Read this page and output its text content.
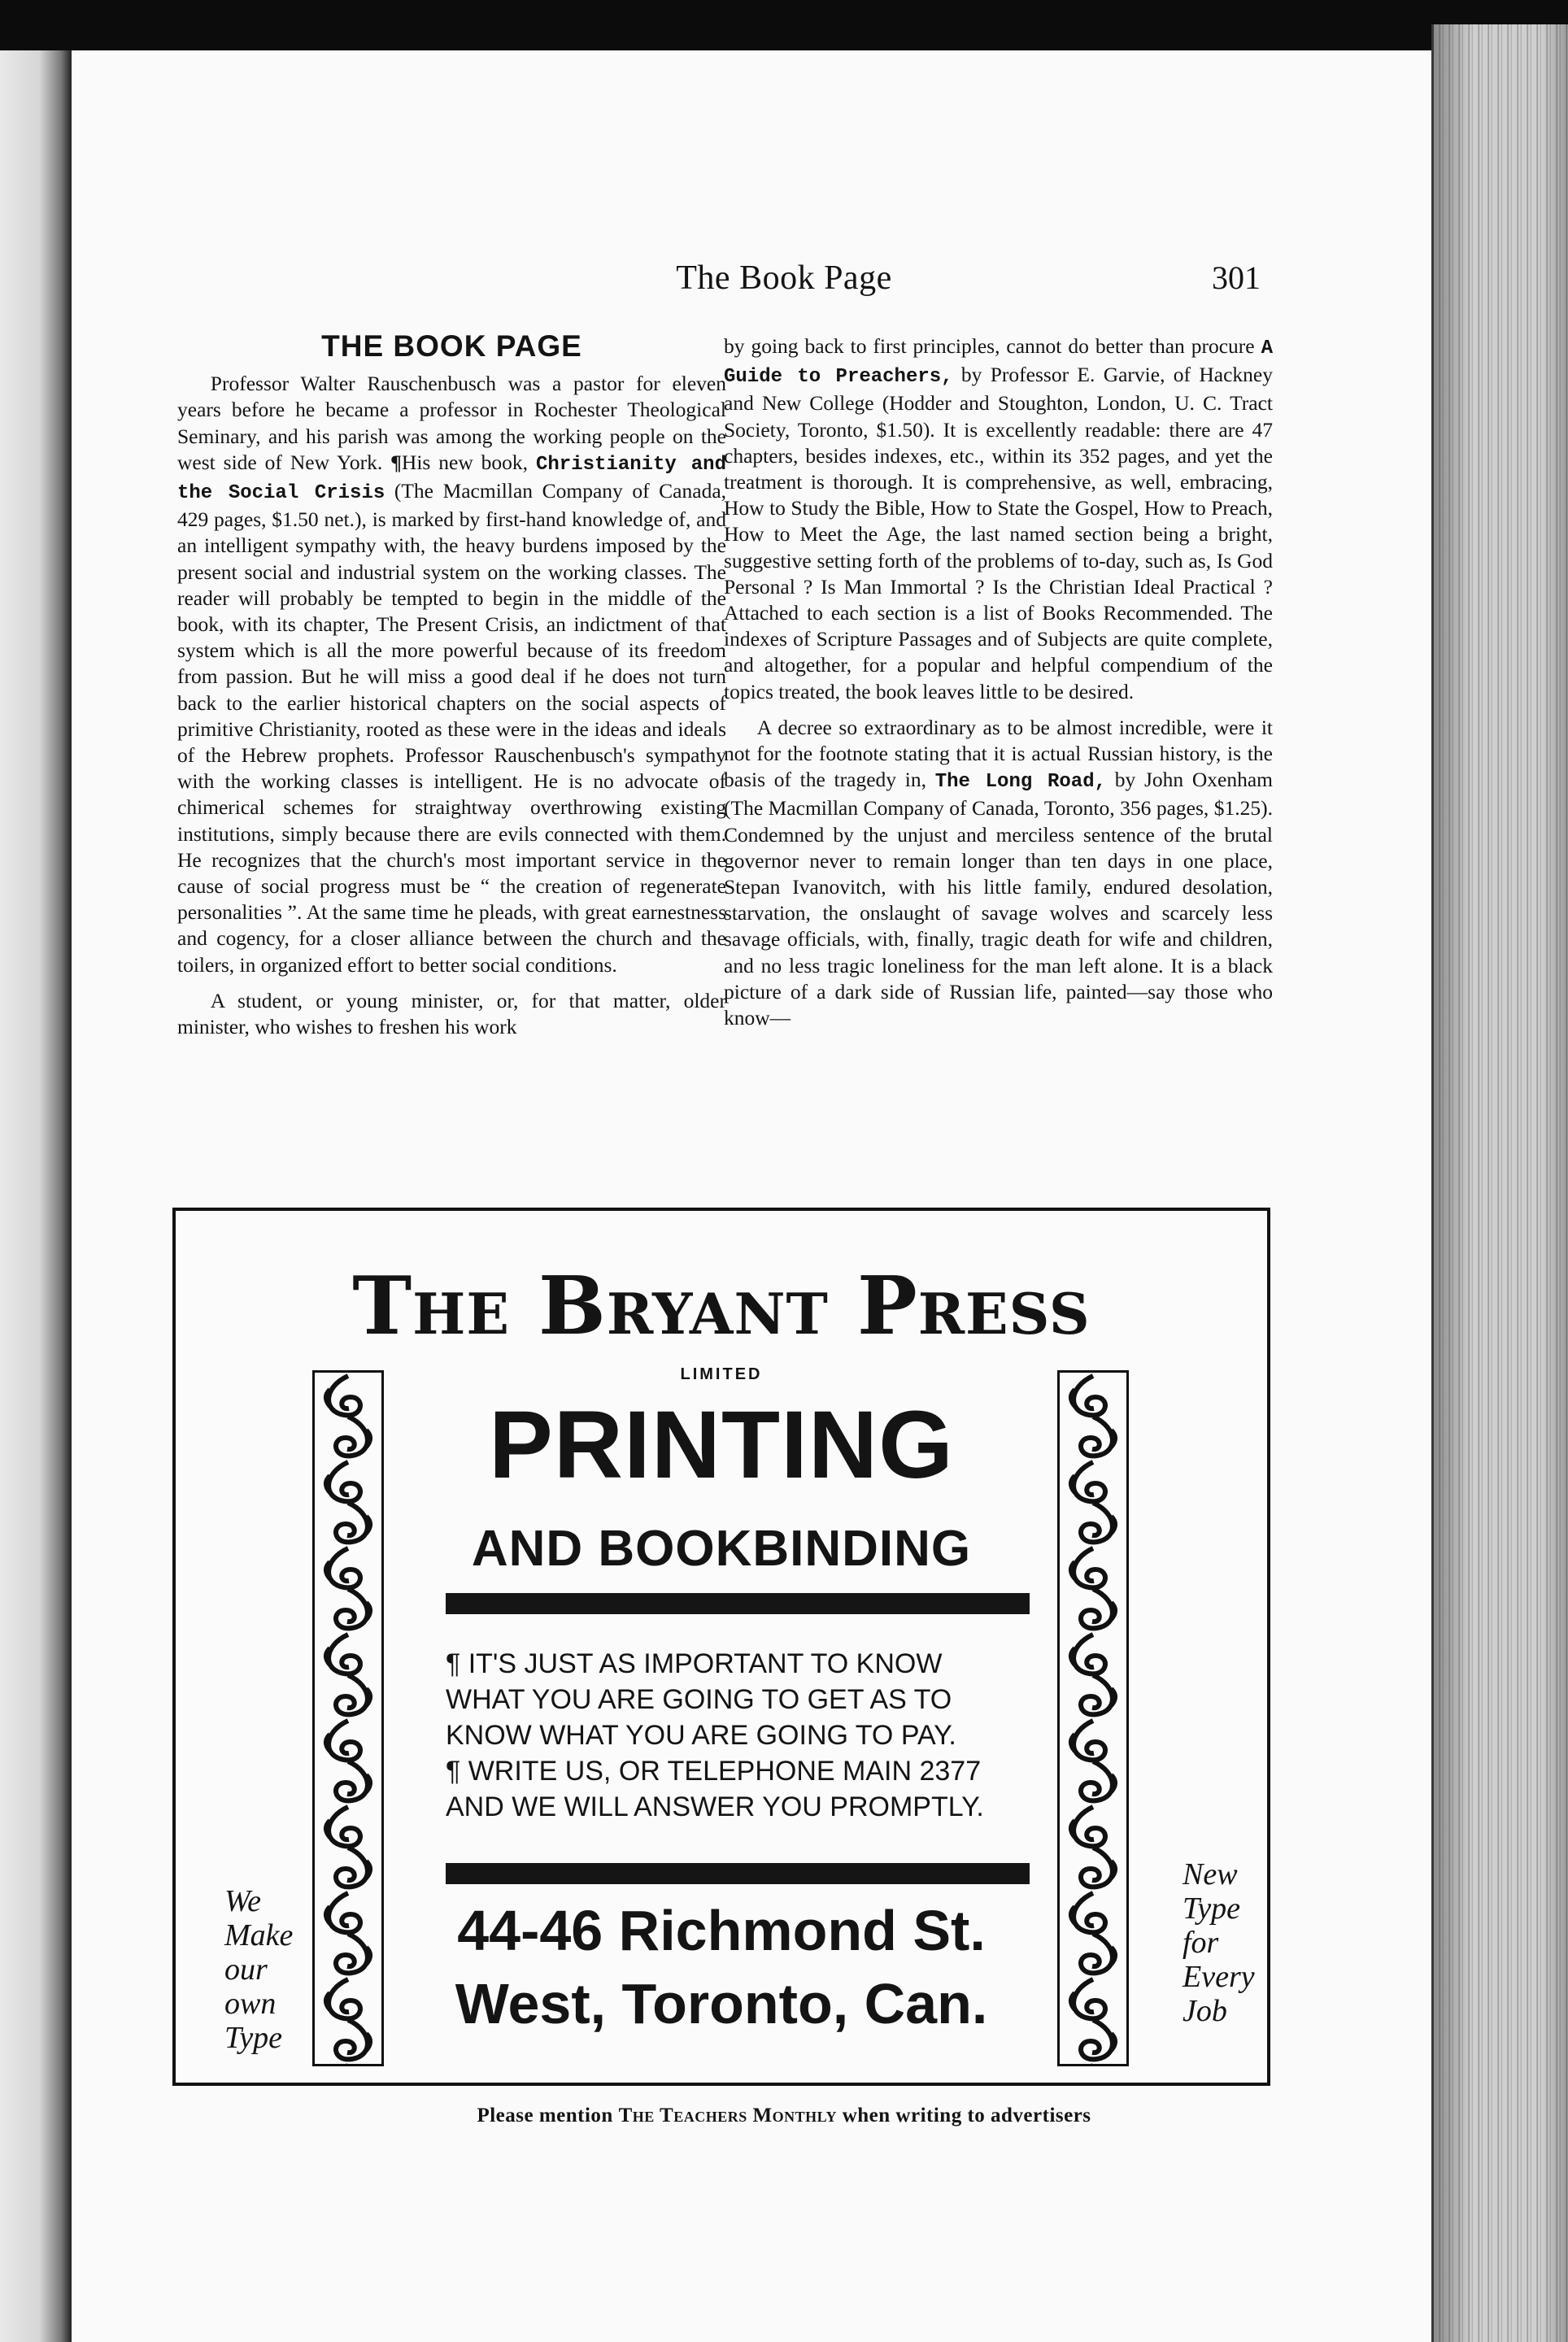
The Book Page	301
THE BOOK PAGE

Professor Walter Rauschenbusch was a pastor for eleven years before he became a professor in Rochester Theological Seminary, and his parish was among the working people on the west side of New York. ¶His new book, Christianity and the Social Crisis (The Macmillan Company of Canada, 429 pages, $1.50 net.), is marked by first-hand knowledge of, and an intelligent sympathy with, the heavy burdens imposed by the present social and industrial system on the working classes. The reader will probably be tempted to begin in the middle of the book, with its chapter, The Present Crisis, an indictment of that system which is all the more powerful because of its freedom from passion. But he will miss a good deal if he does not turn back to the earlier historical chapters on the social aspects of primitive Christianity, rooted as these were in the ideas and ideals of the Hebrew prophets. Professor Rauschenbusch's sympathy with the working classes is intelligent. He is no advocate of chimerical schemes for straightway overthrowing existing institutions, simply because there are evils connected with them. He recognizes that the church's most important service in the cause of social progress must be “ the creation of regenerate personalities ”. At the same time he pleads, with great earnestness and cogency, for a closer alliance between the church and the toilers, in organized effort to better social conditions.

A student, or young minister, or, for that matter, older minister, who wishes to freshen his work

by going back to first principles, cannot do better than procure A Guide to Preachers, by Professor E. Garvie, of Hackney and New College (Hodder and Stoughton, London, U. C. Tract Society, Toronto, $1.50). It is excellently readable: there are 47 chapters, besides indexes, etc., within its 352 pages, and yet the treatment is thorough. It is comprehensive, as well, embracing, How to Study the Bible, How to State the Gospel, How to Preach, How to Meet the Age, the last named section being a bright, suggestive setting forth of the problems of to-day, such as, Is God Personal ? Is Man Immortal ? Is the Christian Ideal Practical ? Attached to each section is a list of Books Recommended. The indexes of Scripture Passages and of Subjects are quite complete, and altogether, for a popular and helpful compendium of the topics treated, the book leaves little to be desired.

A decree so extraordinary as to be almost incredible, were it not for the footnote stating that it is actual Russian history, is the basis of the tragedy in, The Long Road, by John Oxenham (The Macmillan Company of Canada, Toronto, 356 pages, $1.25). Condemned by the unjust and merciless sentence of the brutal governor never to remain longer than ten days in one place, Stepan Ivanovitch, with his little family, endured desolation, starvation, the onslaught of savage wolves and scarcely less savage officials, with, finally, tragic death for wife and children, and no less tragic loneliness for the man left alone. It is a black picture of a dark side of Russian life, painted—say those who know—

The Bryant Press
LIMITED
PRINTING
AND BOOKBINDING
¶ IT'S JUST AS IMPORTANT TO KNOW
WHAT YOU ARE GOING TO GET AS TO
KNOW WHAT YOU ARE GOING TO PAY.
¶ WRITE US, OR TELEPHONE MAIN 2377
AND WE WILL ANSWER YOU PROMPTLY.
44-46 Richmond St.
West, Toronto, Can.
We
Make
our
own
Type
New
Type
for
Every
Job
Please mention The Teachers Monthly when writing to advertisers
